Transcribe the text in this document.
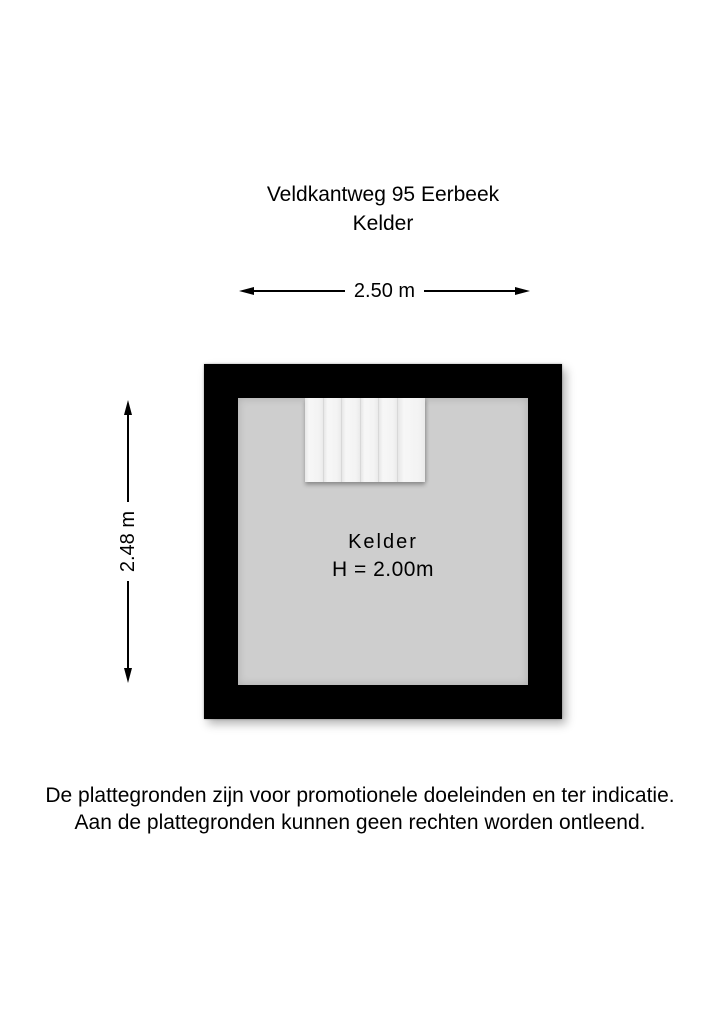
Veldkantweg 95 Eerbeek
Kelder
2.50 m
2.48 m	Kelder
H = 2.00m
De plattegronden zijn voor promotionele doeleinden en ter indicatie.
Aan de plattegronden kunnen geen rechten worden ontleend.
